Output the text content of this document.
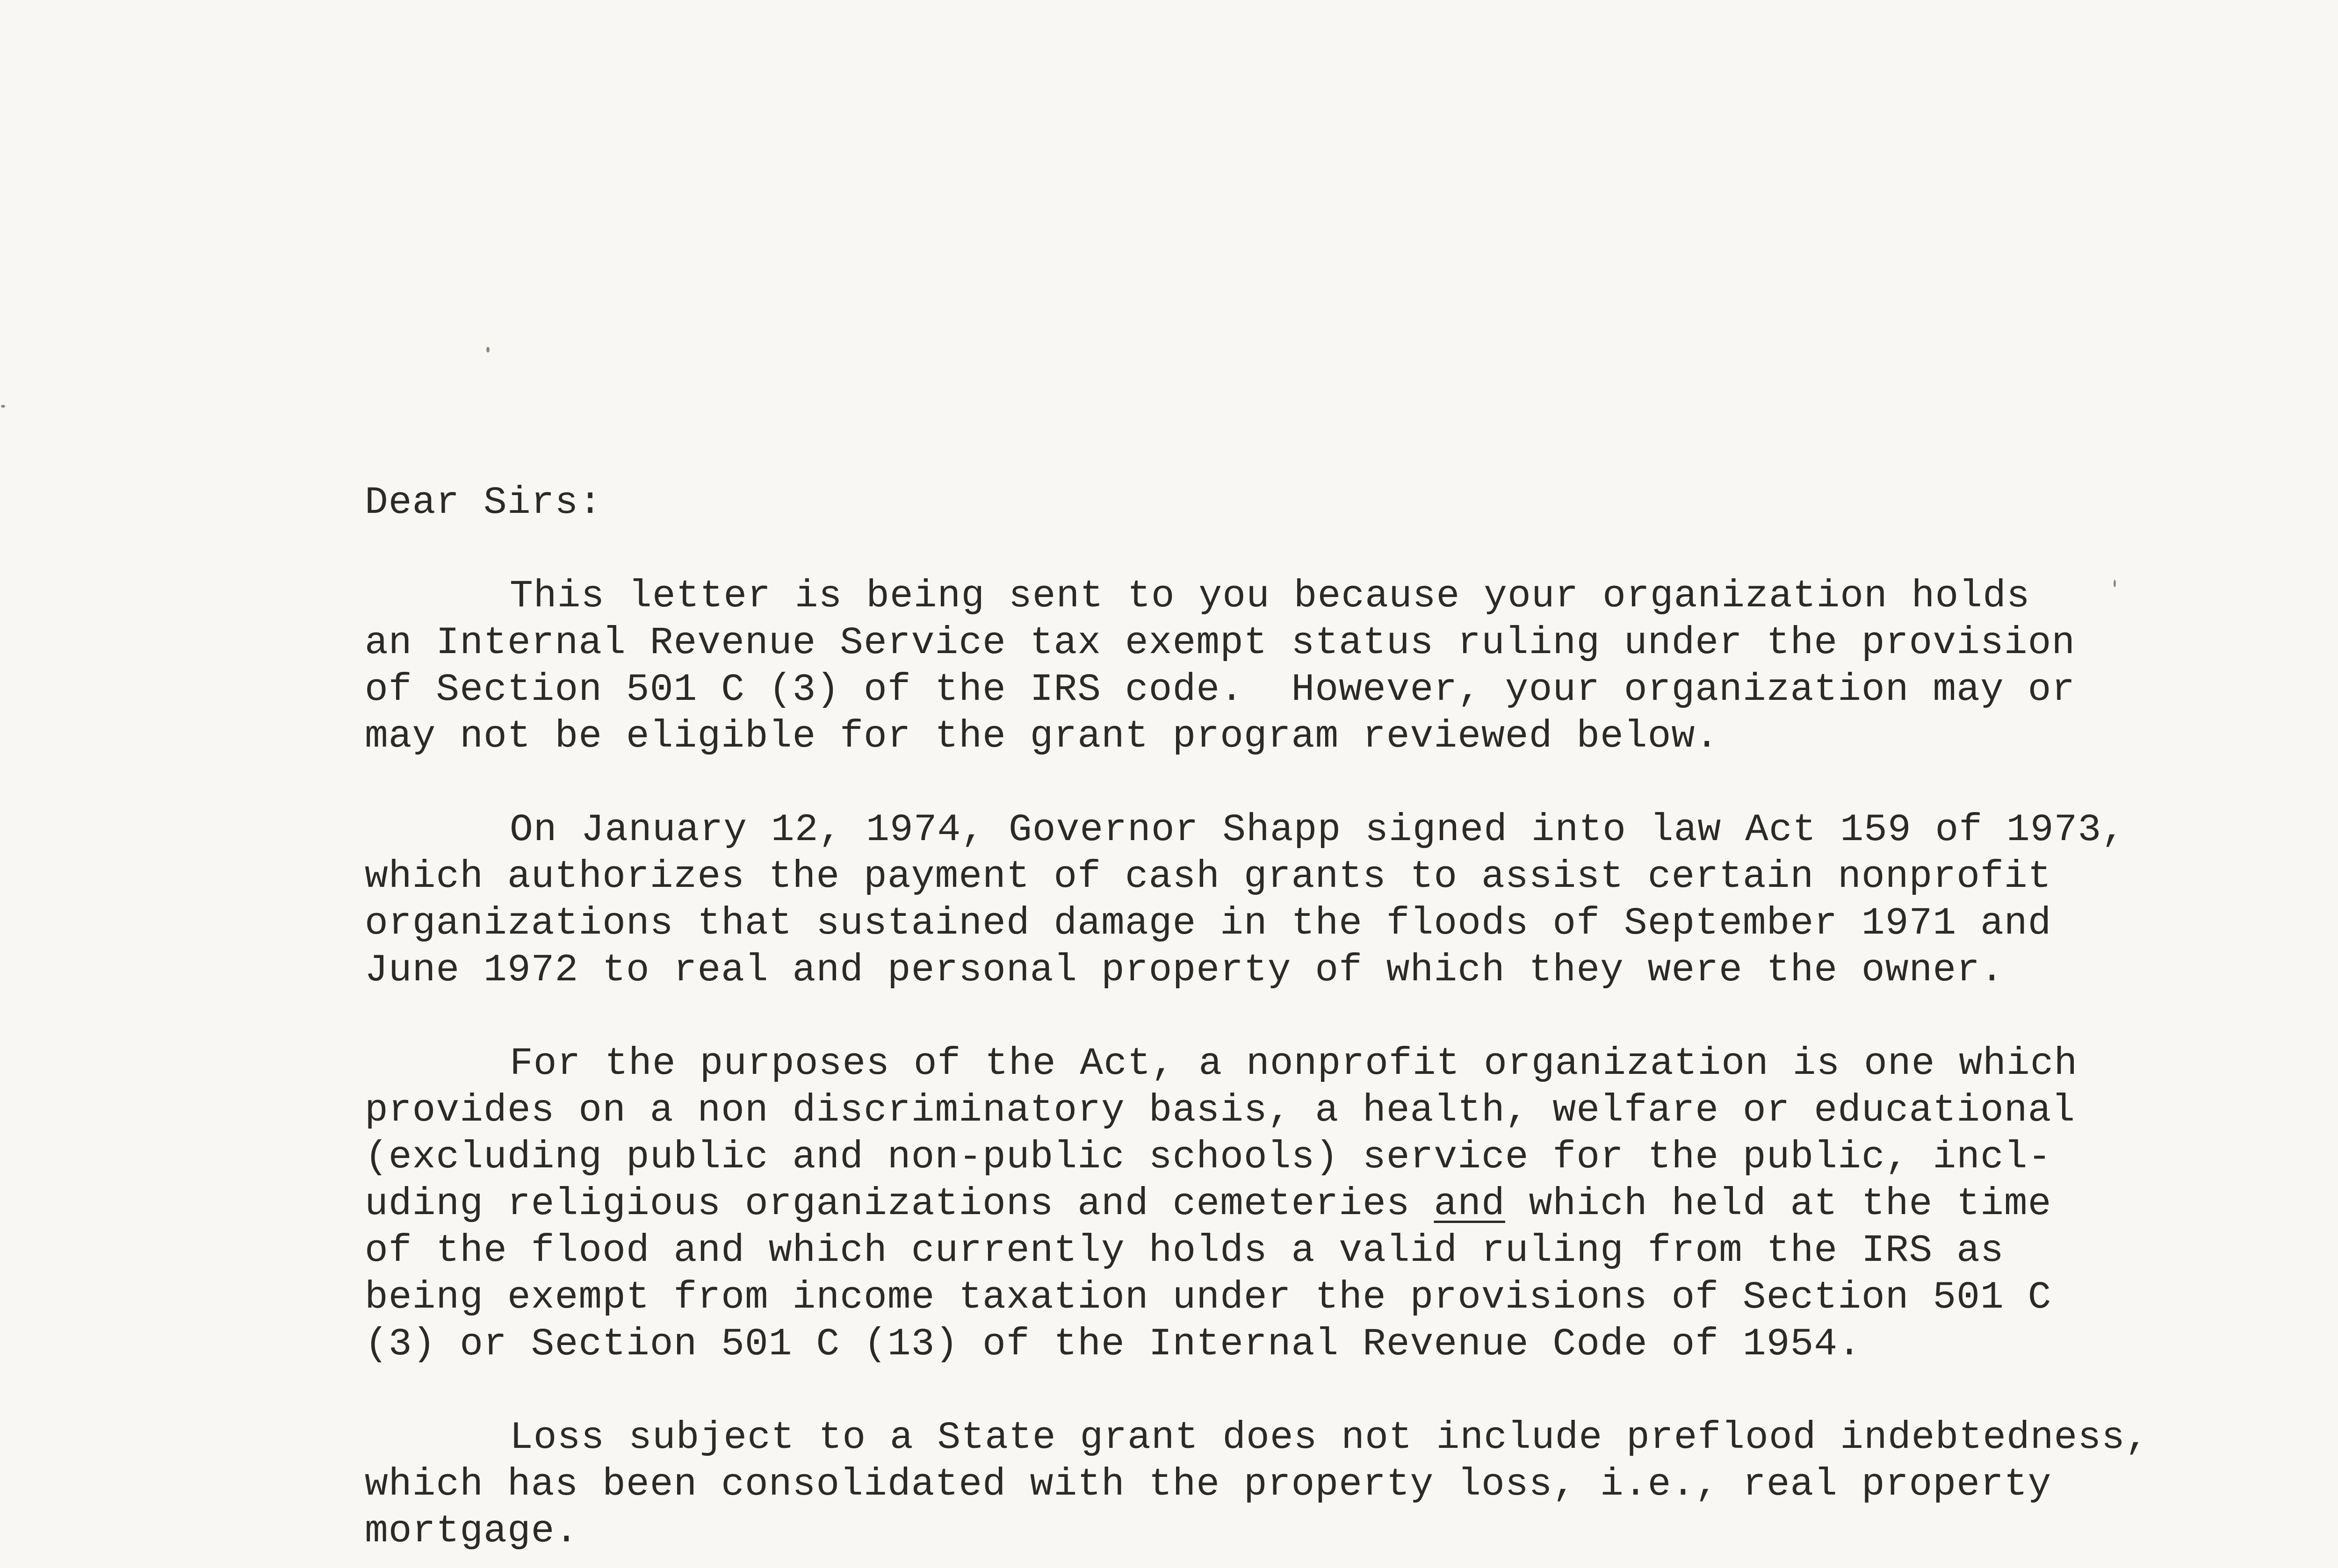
Dear Sirs:
This letter is being sent to you because your organization holds
an Internal Revenue Service tax exempt status ruling under the provision
of Section 501 C (3) of the IRS code.  However, your organization may or
may not be eligible for the grant program reviewed below.
On January 12, 1974, Governor Shapp signed into law Act 159 of 1973,
which authorizes the payment of cash grants to assist certain nonprofit
organizations that sustained damage in the floods of September 1971 and
June 1972 to real and personal property of which they were the owner.
For the purposes of the Act, a nonprofit organization is one which
provides on a non discriminatory basis, a health, welfare or educational
(excluding public and non-public schools) service for the public, incl-
uding religious organizations and cemeteries and which held at the time
of the flood and which currently holds a valid ruling from the IRS as
being exempt from income taxation under the provisions of Section 501 C
(3) or Section 501 C (13) of the Internal Revenue Code of 1954.
Loss subject to a State grant does not include preflood indebtedness,
which has been consolidated with the property loss, i.e., real property
mortgage.
